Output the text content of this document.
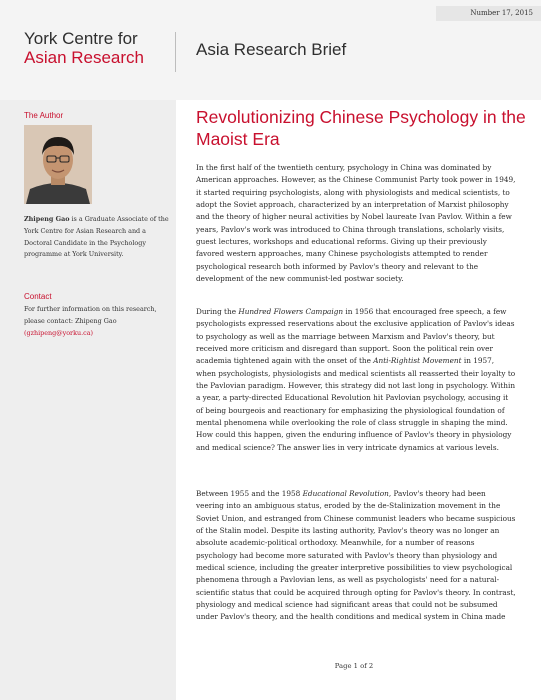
Number 17, 2015
York Centre for
Asian Research	Asia Research Brief
The Author
Zhipeng Gao is a Graduate Associate of the York Centre for Asian Research and a Doctoral Candidate in the Psychology programme at York University.
Contact
For further information on this research, please contact: Zhipeng Gao
(gzhipeng@yorku.ca)
Revolutionizing Chinese Psychology in the Maoist Era

In the first half of the twentieth century, psychology in China was dominated by American approaches. However, as the Chinese Communist Party took power in 1949, it started requiring psychologists, along with physiologists and medical scientists, to adopt the Soviet approach, characterized by an interpretation of Marxist philosophy and the theory of higher neural activities by Nobel laureate Ivan Pavlov. Within a few years, Pavlov's work was introduced to China through translations, scholarly visits, guest lectures, workshops and educational reforms. Giving up their previously favored western approaches, many Chinese psychologists attempted to render psychological research both informed by Pavlov's theory and relevant to the development of the new communist-led postwar society.

During the Hundred Flowers Campaign in 1956 that encouraged free speech, a few psychologists expressed reservations about the exclusive application of Pavlov's ideas to psychology as well as the marriage between Marxism and Pavlov's theory, but received more criticism and disregard than support. Soon the political rein over academia tightened again with the onset of the Anti-Rightist Movement in 1957, when psychologists, physiologists and medical scientists all reasserted their loyalty to the Pavlovian paradigm. However, this strategy did not last long in psychology. Within a year, a party-directed Educational Revolution hit Pavlovian psychology, accusing it of being bourgeois and reactionary for emphasizing the physiological foundation of mental phenomena while overlooking the role of class struggle in shaping the mind. How could this happen, given the enduring influence of Pavlov's theory in physiology and medical science? The answer lies in very intricate dynamics at various levels.

Between 1955 and the 1958 Educational Revolution, Pavlov's theory had been veering into an ambiguous status, eroded by the de-Stalinization movement in the Soviet Union, and estranged from Chinese communist leaders who became suspicious of the Stalin model. Despite its lasting authority, Pavlov's theory was no longer an absolute academic-political orthodoxy. Meanwhile, for a number of reasons psychology had become more saturated with Pavlov's theory than physiology and medical science, including the greater interpretive possibilities to view psychological phenomena through a Pavlovian lens, as well as psychologists' need for a natural-scientific status that could be acquired through opting for Pavlov's theory. In contrast, physiology and medical science had significant areas that could not be subsumed under Pavlov's theory, and the health conditions and medical system in China made

Page 1 of 2
